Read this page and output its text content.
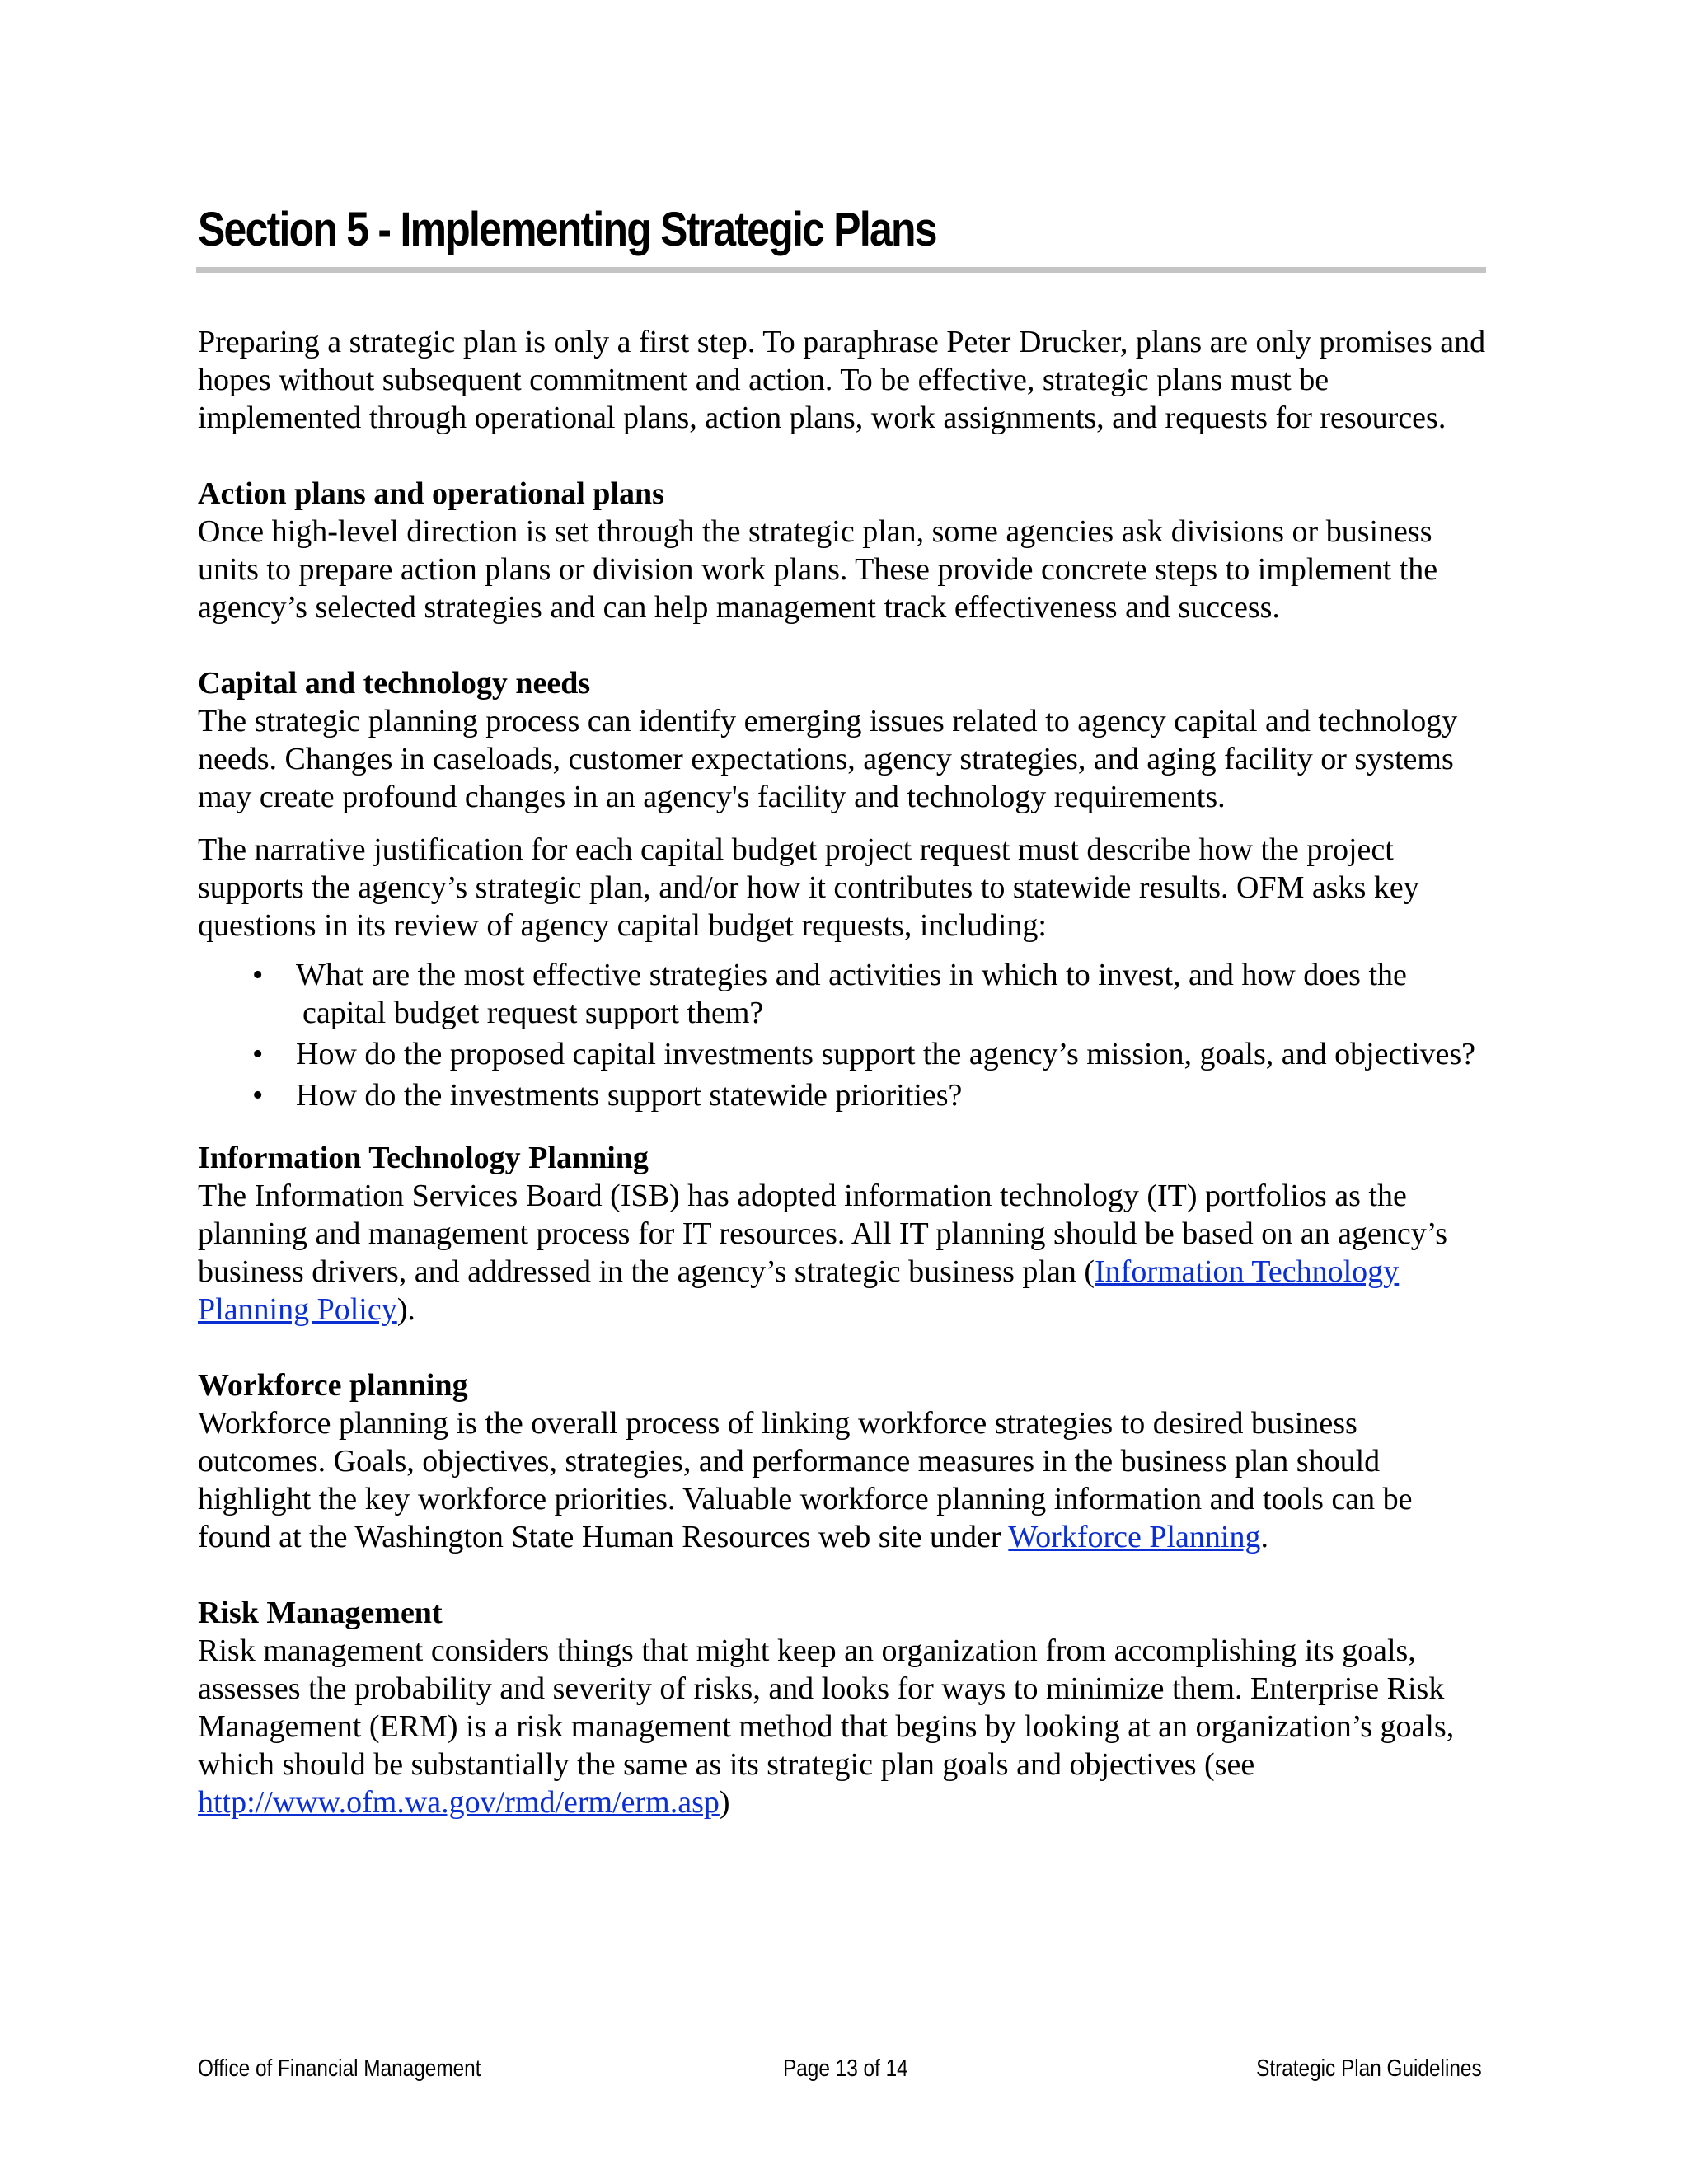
Section 5 - Implementing Strategic Plans

Preparing a strategic plan is only a first step. To paraphrase Peter Drucker, plans are only promises and hopes without subsequent commitment and action. To be effective, strategic plans must be implemented through operational plans, action plans, work assignments, and requests for resources.

Action plans and operational plans

Once high-level direction is set through the strategic plan, some agencies ask divisions or business units to prepare action plans or division work plans. These provide concrete steps to implement the agency’s selected strategies and can help management track effectiveness and success.

Capital and technology needs

The strategic planning process can identify emerging issues related to agency capital and technology needs. Changes in caseloads, customer expectations, agency strategies, and aging facility or systems may create profound changes in an agency's facility and technology requirements.

The narrative justification for each capital budget project request must describe how the project supports the agency’s strategic plan, and/or how it contributes to statewide results. OFM asks key questions in its review of agency capital budget requests, including:

• What are the most effective strategies and activities in which to invest, and how does the capital budget request support them?
• How do the proposed capital investments support the agency’s mission, goals, and objectives?
• How do the investments support statewide priorities?
Information Technology Planning

The Information Services Board (ISB) has adopted information technology (IT) portfolios as the planning and management process for IT resources. All IT planning should be based on an agency’s business drivers, and addressed in the agency’s strategic business plan (Information Technology Planning Policy).

Workforce planning

Workforce planning is the overall process of linking workforce strategies to desired business outcomes. Goals, objectives, strategies, and performance measures in the business plan should highlight the key workforce priorities. Valuable workforce planning information and tools can be found at the Washington State Human Resources web site under Workforce Planning.

Risk Management

Risk management considers things that might keep an organization from accomplishing its goals, assesses the probability and severity of risks, and looks for ways to minimize them. Enterprise Risk Management (ERM) is a risk management method that begins by looking at an organization’s goals, which should be substantially the same as its strategic plan goals and objectives (see http://www.ofm.wa.gov/rmd/erm/erm.asp)

Office of Financial Management	Page 13 of 14	Strategic Plan Guidelines
